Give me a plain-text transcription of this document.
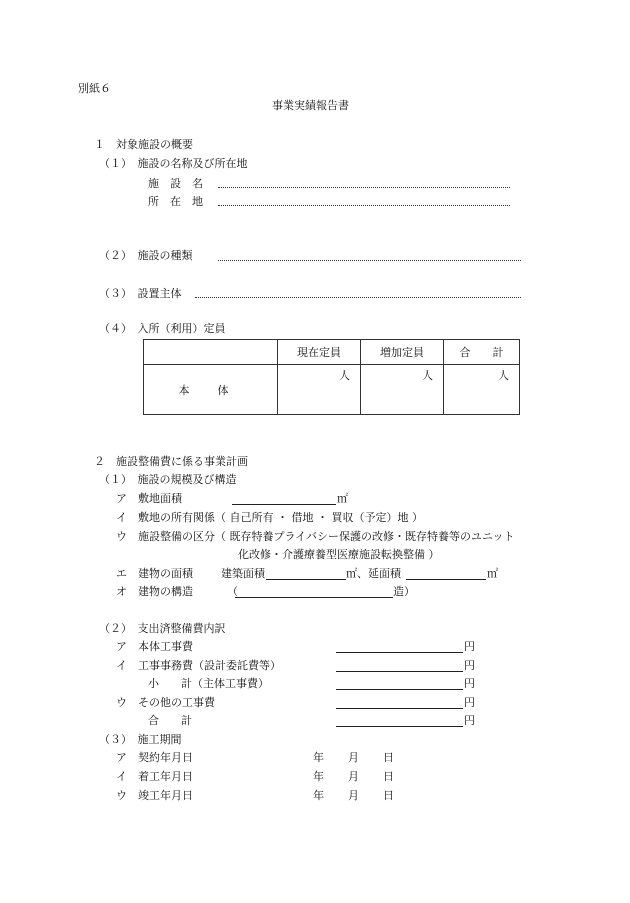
別紙６
事業実績報告書
１　対象施設の概要
（１）　施設の名称及び所在地
施　設　名
所　在　地
（２）　施設の種類
（３）　設置主体
（４）　入所（利用）定員
	現在定員	増加定員	合　　計
本体	人	人	人
２　施設整備費に係る事業計画
（１）　施設の規模及び構造
ア　敷地面積	㎡
イ　敷地の所有関係（ 自己所有 ・ 借地 ・ 買収（予定）地 ）
ウ　施設整備の区分（ 既存特養プライバシー保護の改修・既存特養等のユニット
化改修・介護療養型医療施設転換整備 ）
エ　建物の面積	建築面積	㎡、延面積	㎡
オ　建物の構造	（	造）
（２）　支出済整備費内訳
ア　本体工事費	円
イ　工事事務費（設計委託費等）	円
小　　計（主体工事費）	円
ウ　その他の工事費	円
合　　計	円
（３）　施工期間
ア　契約年月日	年 月 日
イ　着工年月日	年 月 日
ウ　竣工年月日	年 月 日
